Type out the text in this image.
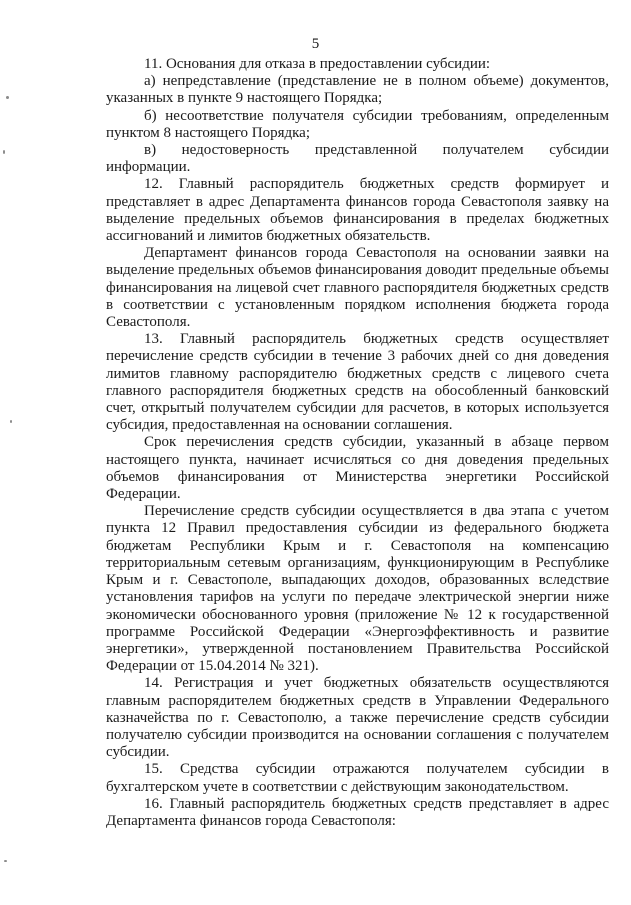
5

11. Основания для отказа в предоставлении субсидии:

а) непредставление (представление не в полном объеме) документов, указанных в пункте 9 настоящего Порядка;

б) несоответствие получателя субсидии требованиям, определенным пунктом 8 настоящего Порядка;

в) недостоверность представленной получателем субсидии информации.

12. Главный распорядитель бюджетных средств формирует и представляет в адрес Департамента финансов города Севастополя заявку на выделение предельных объемов финансирования в пределах бюджетных ассигнований и лимитов бюджетных обязательств.

Департамент финансов города Севастополя на основании заявки на выделение предельных объемов финансирования доводит предельные объемы финансирования на лицевой счет главного распорядителя бюджетных средств в соответствии с установленным порядком исполнения бюджета города Севастополя.

13. Главный распорядитель бюджетных средств осуществляет перечисление средств субсидии в течение 3 рабочих дней со дня доведения лимитов главному распорядителю бюджетных средств с лицевого счета главного распорядителя бюджетных средств на обособленный банковский счет, открытый получателем субсидии для расчетов, в которых используется субсидия, предоставленная на основании соглашения.

Срок перечисления средств субсидии, указанный в абзаце первом настоящего пункта, начинает исчисляться со дня доведения предельных объемов финансирования от Министерства энергетики Российской Федерации.

Перечисление средств субсидии осуществляется в два этапа с учетом пункта 12 Правил предоставления субсидии из федерального бюджета бюджетам Республики Крым и г. Севастополя на компенсацию территориальным сетевым организациям, функционирующим в Республике Крым и г. Севастополе, выпадающих доходов, образованных вследствие установления тарифов на услуги по передаче электрической энергии ниже экономически обоснованного уровня (приложение № 12 к государственной программе Российской Федерации «Энергоэффективность и развитие энергетики», утвержденной постановлением Правительства Российской Федерации от 15.04.2014 № 321).

14. Регистрация и учет бюджетных обязательств осуществляются главным распорядителем бюджетных средств в Управлении Федерального казначейства по г. Севастополю, а также перечисление средств субсидии получателю субсидии производится на основании соглашения с получателем субсидии.

15. Средства субсидии отражаются получателем субсидии в бухгалтерском учете в соответствии с действующим законодательством.

16. Главный распорядитель бюджетных средств представляет в адрес Департамента финансов города Севастополя:
